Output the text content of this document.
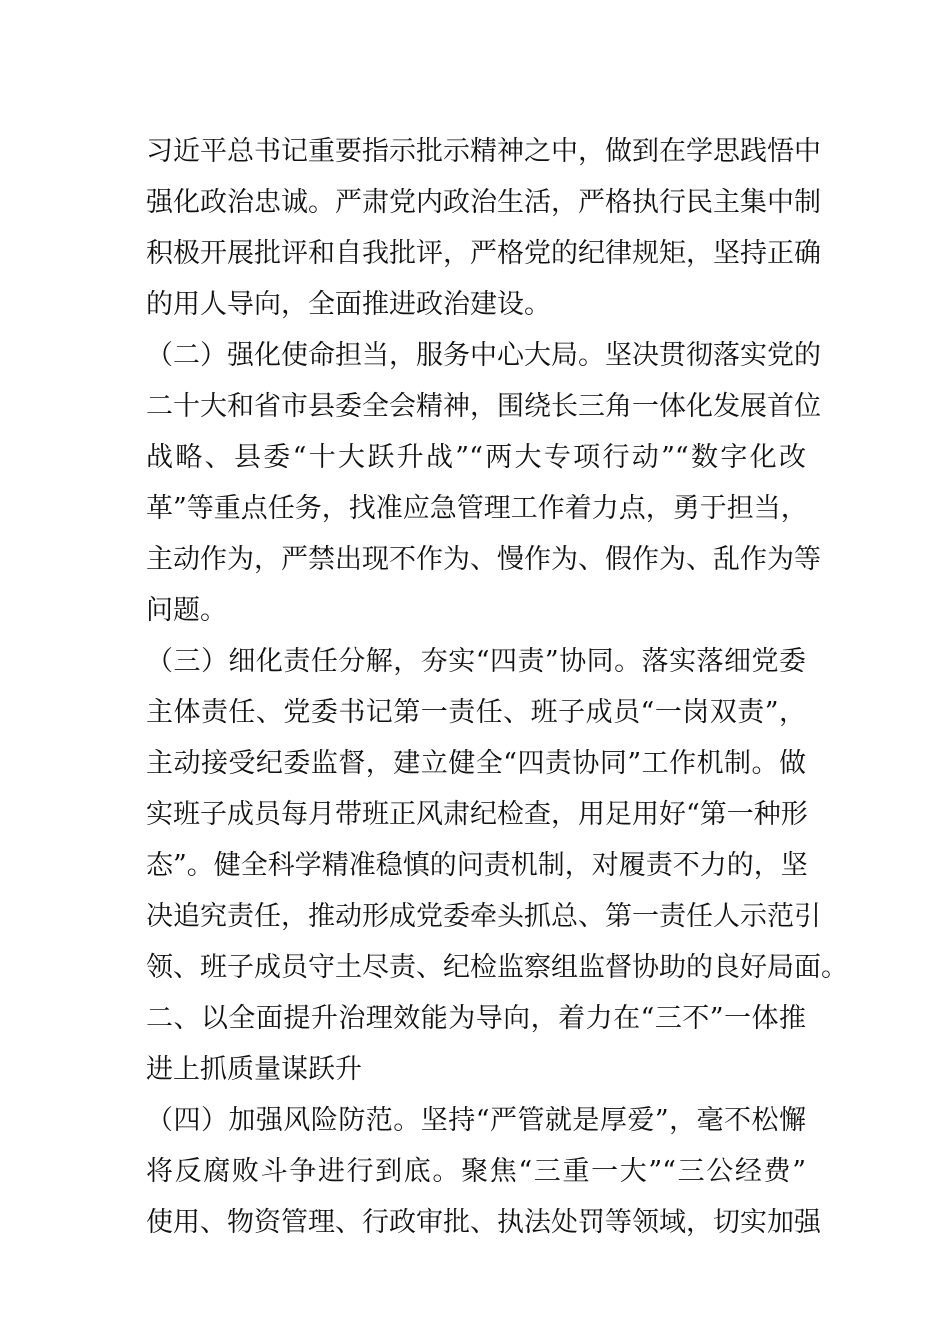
习近平总书记重要指示批示精神之中，做到在学思践悟中
强化政治忠诚。严肃党内政治生活，严格执行民主集中制
积极开展批评和自我批评，严格党的纪律规矩，坚持正确
的用人导向，全面推进政治建设。
（二）强化使命担当，服务中心大局。坚决贯彻落实党的
二十大和省市县委全会精神，围绕长三角一体化发展首位
战略、县委“十大跃升战”“两大专项行动”“数字化改
革”等重点任务，找准应急管理工作着力点，勇于担当，
主动作为，严禁出现不作为、慢作为、假作为、乱作为等
问题。
（三）细化责任分解，夯实“四责”协同。落实落细党委
主体责任、党委书记第一责任、班子成员“一岗双责”，
主动接受纪委监督，建立健全“四责协同”工作机制。做
实班子成员每月带班正风肃纪检查，用足用好“第一种形
态”。健全科学精准稳慎的问责机制，对履责不力的，坚
决追究责任，推动形成党委牵头抓总、第一责任人示范引
领、班子成员守土尽责、纪检监察组监督协助的良好局面。
二、以全面提升治理效能为导向，着力在“三不”一体推
进上抓质量谋跃升
（四）加强风险防范。坚持“严管就是厚爱”，毫不松懈
将反腐败斗争进行到底。聚焦“三重一大”“三公经费”
使用、物资管理、行政审批、执法处罚等领域，切实加强
